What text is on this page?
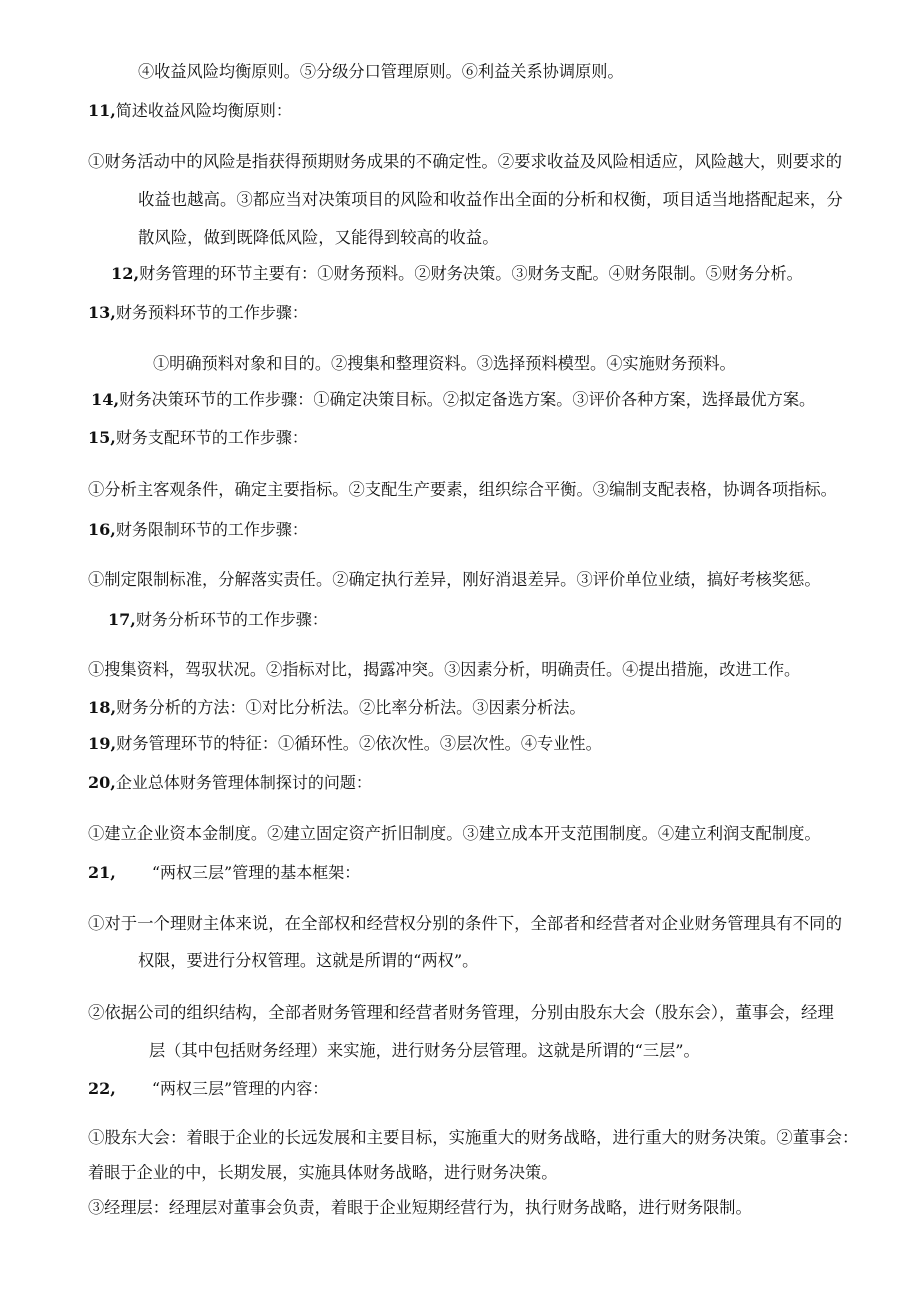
④收益风险均衡原则。⑤分级分口管理原则。⑥利益关系协调原则。
11,简述收益风险均衡原则：
①财务活动中的风险是指获得预期财务成果的不确定性。②要求收益及风险相适应，风险越大，则要求的
收益也越高。③都应当对决策项目的风险和收益作出全面的分析和权衡，项目适当地搭配起来，分
散风险，做到既降低风险，又能得到较高的收益。
12,财务管理的环节主要有：①财务预料。②财务决策。③财务支配。④财务限制。⑤财务分析。
13,财务预料环节的工作步骤：
①明确预料对象和目的。②搜集和整理资料。③选择预料模型。④实施财务预料。
14,财务决策环节的工作步骤：①确定决策目标。②拟定备选方案。③评价各种方案，选择最优方案。
15,财务支配环节的工作步骤：
①分析主客观条件，确定主要指标。②支配生产要素，组织综合平衡。③编制支配表格，协调各项指标。
16,财务限制环节的工作步骤：
①制定限制标准，分解落实责任。②确定执行差异，刚好消退差异。③评价单位业绩，搞好考核奖惩。
17,财务分析环节的工作步骤：
①搜集资料，驾驭状况。②指标对比，揭露冲突。③因素分析，明确责任。④提出措施，改进工作。
18,财务分析的方法：①对比分析法。②比率分析法。③因素分析法。
19,财务管理环节的特征：①循环性。②依次性。③层次性。④专业性。
20,企业总体财务管理体制探讨的问题：
①建立企业资本金制度。②建立固定资产折旧制度。③建立成本开支范围制度。④建立利润支配制度。
21, “两权三层”管理的基本框架：
①对于一个理财主体来说，在全部权和经营权分别的条件下，全部者和经营者对企业财务管理具有不同的
权限，要进行分权管理。这就是所谓的“两权”。
②依据公司的组织结构，全部者财务管理和经营者财务管理，分别由股东大会（股东会），董事会，经理
层（其中包括财务经理）来实施，进行财务分层管理。这就是所谓的“三层”。
22, “两权三层”管理的内容：
①股东大会：着眼于企业的长远发展和主要目标，实施重大的财务战略，进行重大的财务决策。②董事会：
着眼于企业的中，长期发展，实施具体财务战略，进行财务决策。
③经理层：经理层对董事会负责，着眼于企业短期经营行为，执行财务战略，进行财务限制。
